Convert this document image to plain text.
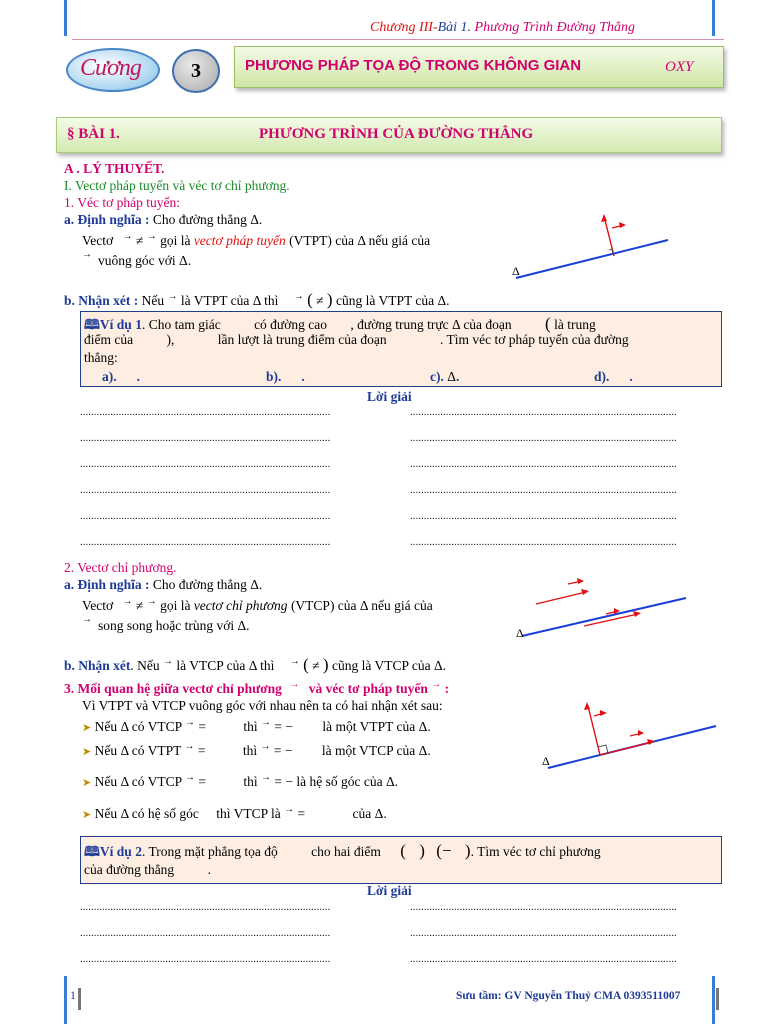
Chương III-Bài 1. Phương Trình Đường Thẳng
Cương	3	PHƯƠNG PHÁP TỌA ĐỘ TRONG KHÔNG GIAN	OXY
§ BÀI 1.	PHƯƠNG TRÌNH CỦA ĐƯỜNG THẲNG
A . LÝ THUYẾT.
I. Vectơ pháp tuyến và véc tơ chỉ phương.
1. Véc tơ pháp tuyến:
a. Định nghĩa : Cho đường thẳng Δ.
Vectơ → ≠ → gọi là vectơ pháp tuyến (VTPT) của Δ nếu giá của
→ vuông góc với Δ.
Δ
b. Nhận xét : Nếu → là VTPT của Δ thì → ( ≠ ) cũng là VTPT của Δ.
🕮Ví dụ 1. Cho tam giác có đường cao , đường trung trực Δ của đoạn ( là trung
điểm của ),	lần lượt là trung điểm của đoạn	. Tìm véc tơ pháp tuyến của đường
thẳng:
a). .	b). .	c). Δ.	d). .
Lời giải
...........................................................................................	.................................................................................................
...........................................................................................	.................................................................................................
...........................................................................................	.................................................................................................
...........................................................................................	.................................................................................................
...........................................................................................	.................................................................................................
...........................................................................................	.................................................................................................
2. Vectơ chỉ phương.
a. Định nghĩa : Cho đường thẳng Δ.
Vectơ → ≠ → gọi là vectơ chỉ phương (VTCP) của Δ nếu giá của
→ song song hoặc trùng với Δ.	Δ
b. Nhận xét. Nếu → là VTCP của Δ thì → ( ≠ ) cũng là VTCP của Δ.
3. Mối quan hệ giữa vectơ chỉ phương → và véc tơ pháp tuyến → :
Vì VTPT và VTCP vuông góc với nhau nên ta có hai nhận xét sau:
➤ Nếu Δ có VTCP → =	thì → = − là một VTPT của Δ.
➤ Nếu Δ có VTPT → =	thì → = − là một VTCP của Δ.
Δ
➤ Nếu Δ có VTCP → =	thì → = − là hệ số góc của Δ.
➤ Nếu Δ có hệ số góc thì VTCP là → =	của Δ.
🕮Ví dụ 2. Trong mặt phẳng tọa độ cho hai điểm ( ) (− ). Tìm véc tơ chỉ phương
của đường thẳng .
Lời giải
...........................................................................................	.................................................................................................
...........................................................................................	.................................................................................................
...........................................................................................	.................................................................................................
1	Sưu tầm: GV Nguyễn Thuỷ CMA 0393511007
